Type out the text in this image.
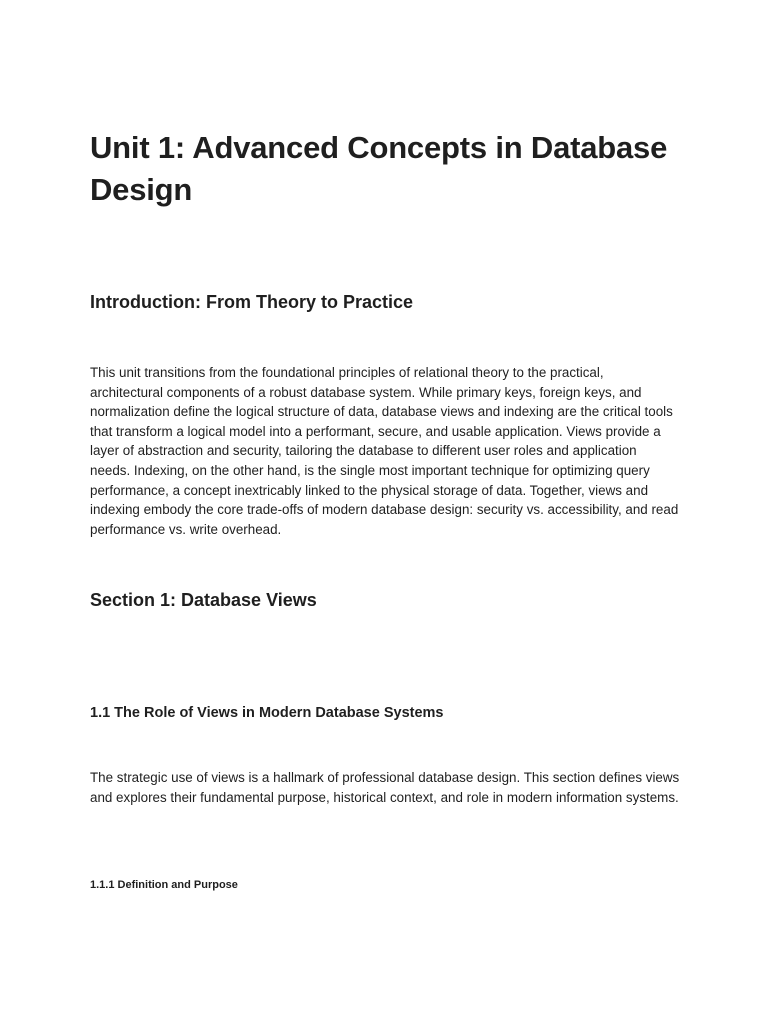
Unit 1: Advanced Concepts in Database Design
Introduction: From Theory to Practice

This unit transitions from the foundational principles of relational theory to the practical, architectural components of a robust database system. While primary keys, foreign keys, and normalization define the logical structure of data, database views and indexing are the critical tools that transform a logical model into a performant, secure, and usable application. Views provide a layer of abstraction and security, tailoring the database to different user roles and application needs. Indexing, on the other hand, is the single most important technique for optimizing query performance, a concept inextricably linked to the physical storage of data. Together, views and indexing embody the core trade-offs of modern database design: security vs. accessibility, and read performance vs. write overhead.

Section 1: Database Views
1.1 The Role of Views in Modern Database Systems

The strategic use of views is a hallmark of professional database design. This section defines views and explores their fundamental purpose, historical context, and role in modern information systems.

1.1.1 Definition and Purpose
